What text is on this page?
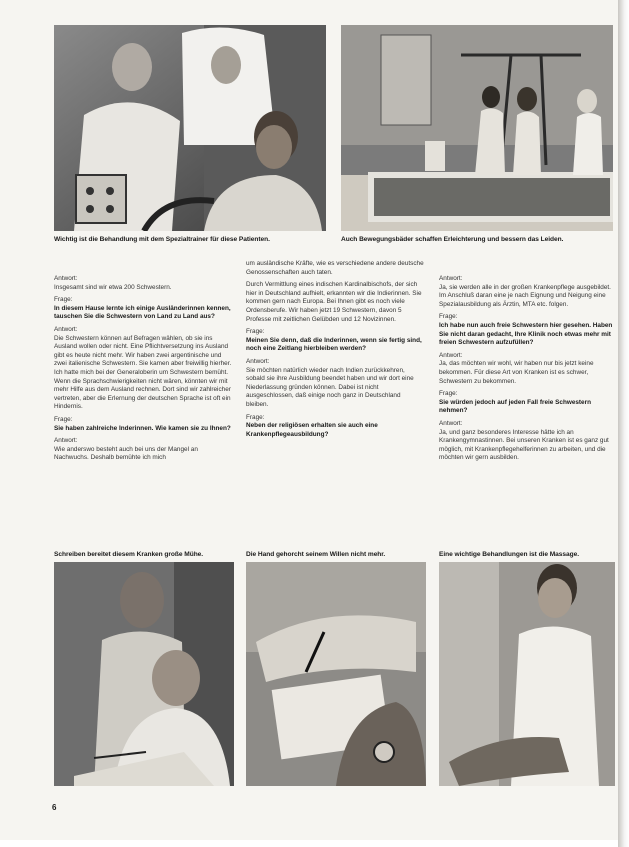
Wichtig ist die Behandlung mit dem Spezialtrainer für diese Patienten.	Auch Bewegungsbäder schaffen Erleichterung und bessern das Leiden.

Antwort:

Insgesamt sind wir etwa 200 Schwestern.

Frage:

In diesem Hause lernte ich einige Ausländerinnen kennen, tauschen Sie die Schwestern von Land zu Land aus?

Antwort:

Die Schwestern können auf Befragen wählen, ob sie ins Ausland wollen oder nicht. Eine Pflichtversetzung ins Ausland gibt es heute nicht mehr. Wir haben zwei argentinische und zwei italienische Schwestern. Sie kamen aber freiwillig hierher. Ich hatte mich bei der Generaloberin um Schwestern bemüht. Wenn die Sprachschwierigkeiten nicht wären, könnten wir mit mehr Hilfe aus dem Ausland rechnen. Dort sind wir zahlreicher vertreten, aber die Erlernung der deutschen Sprache ist oft ein Hindernis.

Frage:

Sie haben zahlreiche Inderinnen. Wie kamen sie zu Ihnen?

Antwort:

Wie anderswo besteht auch bei uns der Mangel an Nachwuchs. Deshalb bemühte ich mich

um ausländische Kräfte, wie es verschiedene andere deutsche Genossenschaften auch taten.

Durch Vermittlung eines indischen Kardinalbischofs, der sich hier in Deutschland aufhielt, erkannten wir die Indierinnen. Sie kommen gern nach Europa. Bei Ihnen gibt es noch viele Ordensberufe. Wir haben jetzt 19 Schwestern, davon 5 Professe mit zeitlichen Gelübden und 12 Novizinnen.

Frage:

Meinen Sie denn, daß die Inderinnen, wenn sie fertig sind, noch eine Zeitlang hierbleiben werden?

Antwort:

Sie möchten natürlich wieder nach Indien zurückkehren, sobald sie ihre Ausbildung beendet haben und wir dort eine Niederlassung gründen können. Dabei ist nicht ausgeschlossen, daß einige noch ganz in Deutschland bleiben.

Frage:

Neben der religiösen erhalten sie auch eine Krankenpflegeausbildung?

Antwort:

Ja, sie werden alle in der großen Krankenpflege ausgebildet. Im Anschluß daran eine je nach Eignung und Neigung eine Spezialausbildung als Ärztin, MTA etc. folgen.

Frage:

Ich habe nun auch freie Schwestern hier gesehen. Haben Sie nicht daran gedacht, Ihre Klinik noch etwas mehr mit freien Schwestern aufzufüllen?

Antwort:

Ja, das möchten wir wohl, wir haben nur bis jetzt keine bekommen. Für diese Art von Kranken ist es schwer, Schwestern zu bekommen.

Frage:

Sie würden jedoch auf jeden Fall freie Schwestern nehmen?

Antwort:

Ja, und ganz besonderes Interesse hätte ich an Krankengymnastinnen. Bei unseren Kranken ist es ganz gut möglich, mit Krankenpflegehelferinnen zu arbeiten, und die möchten wir gern ausbilden.

Schreiben bereitet diesem Kranken große Mühe.	Die Hand gehorcht seinem Willen nicht mehr.	Eine wichtige Behandlungen ist die Massage.
6
